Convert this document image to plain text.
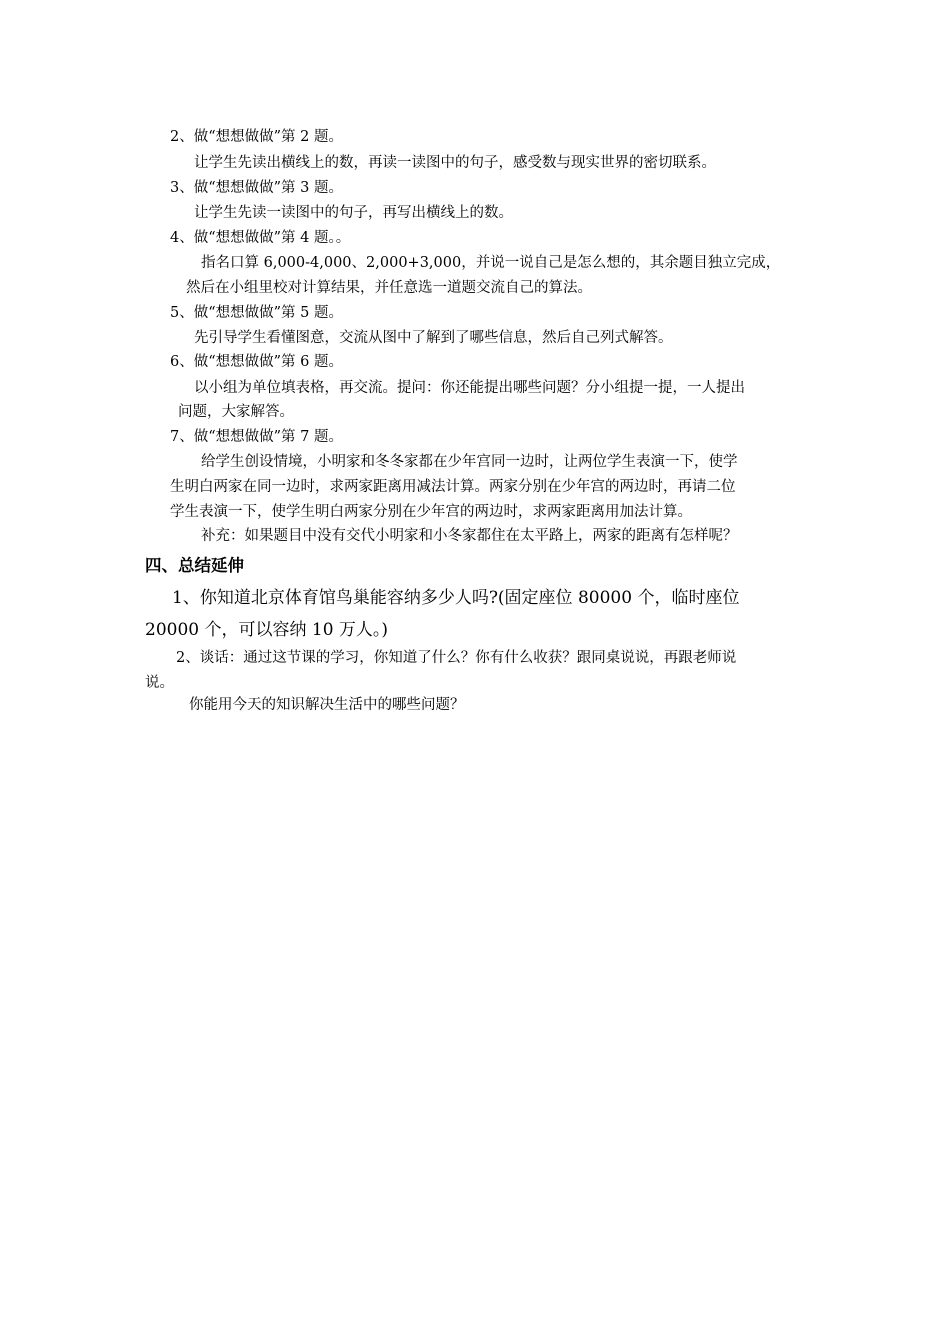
2、做“想想做做”第 2 题。
让学生先读出横线上的数，再读一读图中的句子，感受数与现实世界的密切联系。
3、做“想想做做”第 3 题。
让学生先读一读图中的句子，再写出横线上的数。
4、做“想想做做”第 4 题。。
指名口算 6,000-4,000、2,000+3,000，并说一说自己是怎么想的，其余题目独立完成，
然后在小组里校对计算结果，并任意选一道题交流自己的算法。
5、做“想想做做”第 5 题。
先引导学生看懂图意，交流从图中了解到了哪些信息，然后自己列式解答。
6、做“想想做做”第 6 题。
以小组为单位填表格，再交流。提问：你还能提出哪些问题？分小组提一提，一人提出
问题，大家解答。
7、做“想想做做”第 7 题。
给学生创设情境，小明家和冬冬家都在少年宫同一边时，让两位学生表演一下，使学
生明白两家在同一边时，求两家距离用减法计算。两家分别在少年宫的两边时，再请二位
学生表演一下，使学生明白两家分别在少年宫的两边时，求两家距离用加法计算。
补充：如果题目中没有交代小明家和小冬家都住在太平路上，两家的距离有怎样呢？
四、总结延伸
1、你知道北京体育馆鸟巢能容纳多少人吗?(固定座位 80000 个，临时座位
20000 个，可以容纳 10 万人。)
2、谈话：通过这节课的学习，你知道了什么？你有什么收获？跟同桌说说，再跟老师说
说。
你能用今天的知识解决生活中的哪些问题？
